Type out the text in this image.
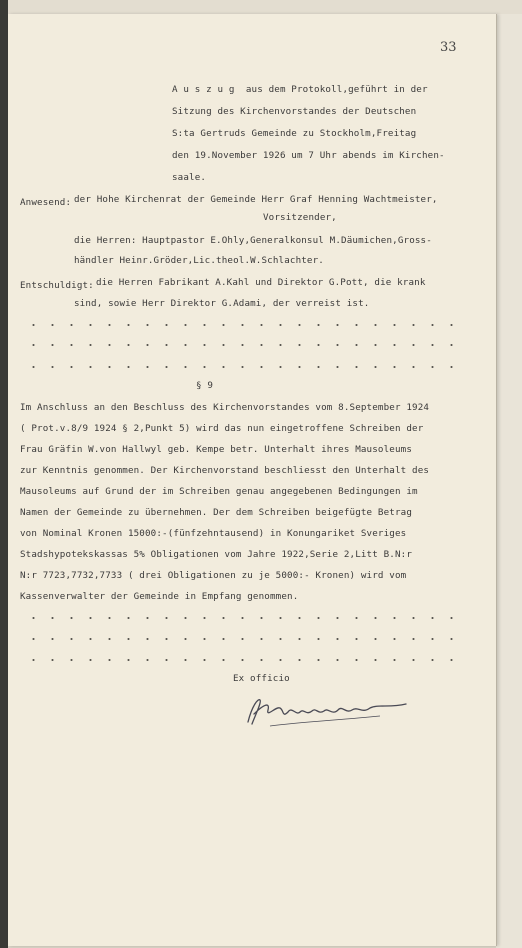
33
A u s z u g  aus dem Protokoll,geführt in der
Sitzung des Kirchenvorstandes der Deutschen
S:ta Gertruds Gemeinde zu Stockholm,Freitag
den 19.November 1926 um 7 Uhr abends im Kirchen-
saale.
Anwesend: der Hohe Kirchenrat der Gemeinde Herr Graf Henning Wachtmeister,
Vorsitzender,
die Herren: Hauptpastor E.Ohly,Generalkonsul M.Däumichen,Gross-
händler Heinr.Gröder,Lic.theol.W.Schlachter.
Entschuldigt: die Herren Fabrikant A.Kahl und Direktor G.Pott, die krank
sind, sowie Herr Direktor G.Adami, der verreist ist.
§ 9
Im Anschluss an den Beschluss des Kirchenvorstandes vom 8.September 1924
( Prot.v.8/9 1924 § 2,Punkt 5) wird das nun eingetroffene Schreiben der
Frau Gräfin W.von Hallwyl geb. Kempe betr. Unterhalt ihres Mausoleums
zur Kenntnis genommen. Der Kirchenvorstand beschliesst den Unterhalt des
Mausoleums auf Grund der im Schreiben genau angegebenen Bedingungen im
Namen der Gemeinde zu übernehmen. Der dem Schreiben beigefügte Betrag
von Nominal Kronen 15000:-(fünfzehntausend) in Konungariket Sveriges
Stadshypotekskassas 5% Obligationen vom Jahre 1922,Serie 2,Litt B.N:r
N:r 7723,7732,7733 ( drei Obligationen zu je 5000:- Kronen) wird vom
Kassenverwalter der Gemeinde in Empfang genommen.
Ex officio
